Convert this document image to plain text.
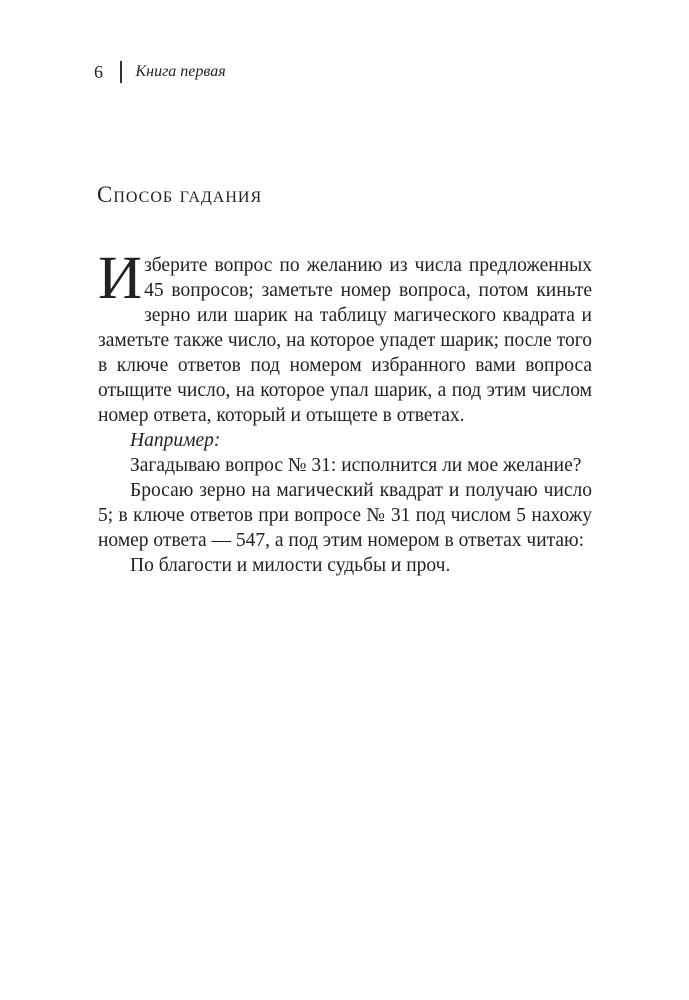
6	Книга первая
Способ гадания

Изберите вопрос по желанию из числа предложенных 45 вопросов; заметьте номер вопроса, потом киньте зерно или шарик на таблицу магического квадрата и заметьте также число, на которое упадет шарик; после того в ключе ответов под номером избранного вами вопроса отыщите число, на которое упал шарик, а под этим числом номер ответа, который и отыщете в ответах.

Например:

Загадываю вопрос № 31: исполнится ли мое желание?

Бросаю зерно на магический квадрат и получаю число 5; в ключе ответов при вопросе № 31 под числом 5 нахожу номер ответа — 547, а под этим номером в ответах читаю:

По благости и милости судьбы и проч.
